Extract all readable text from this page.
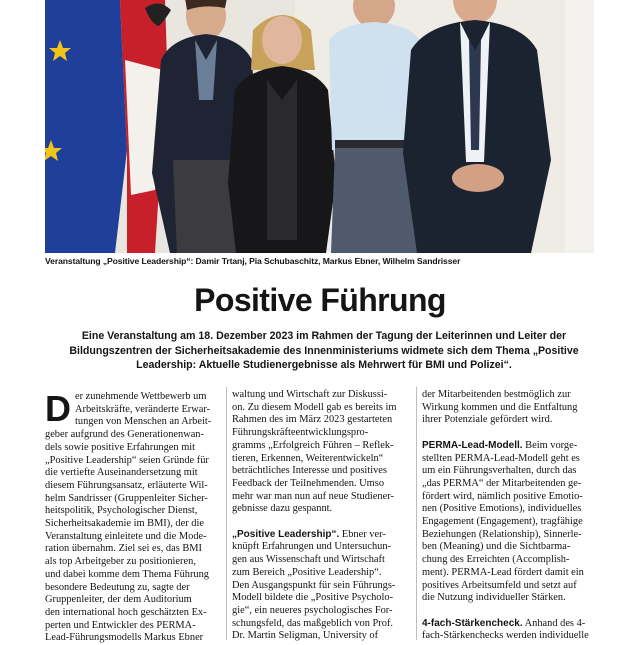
Veranstaltung „Positive Leadership“: Damir Trtanj, Pia Schubaschitz, Markus Ebner, Wilhelm Sandrisser
Positive Führung
Eine Veranstaltung am 18. Dezember 2023 im Rahmen der Tagung der Leiterinnen und Leiter der
Bildungszentren der Sicherheitsakademie des Innenministeriums widmete sich dem Thema „Positive
Leadership: Aktuelle Studienergebnisse als Mehrwert für BMI und Polizei“.
D er zunehmende Wettbewerb um
Arbeitskräfte, veränderte Erwar-
tungen von Menschen an Arbeit-
geber aufgrund des Generationenwan-
dels sowie positive Erfahrungen mit
„Positive Leadership“ seien Gründe für
die vertiefte Auseinandersetzung mit
diesem Führungsansatz, erläuterte Wil-
helm Sandrisser (Gruppenleiter Sicher-
heitspolitik, Psychologischer Dienst,
Sicherheitsakademie im BMI), der die
Veranstaltung einleitete und die Mode-
ration übernahm. Ziel sei es, das BMI
als top Arbeitgeber zu positionieren,
und dabei komme dem Thema Führung
besondere Bedeutung zu, sagte der
Gruppenleiter, der dem Auditorium
den international hoch geschätzten Ex-
perten und Entwickler des PERMA-
Lead-Führungsmodells Markus Ebner
waltung und Wirtschaft zur Diskussi-
on. Zu diesem Modell gab es bereits im
Rahmen des im März 2023 gestarteten
Führungskräfteentwicklungspro-
gramms „Erfolgreich Führen – Reflek-
tieren, Erkennen, Weiterentwickeln“
beträchtliches Interesse und positives
Feedback der Teilnehmenden. Umso
mehr war man nun auf neue Studiener-
gebnisse dazu gespannt.
„Positive Leadership“. Ebner ver-
knüpft Erfahrungen und Untersuchun-
gen aus Wissenschaft und Wirtschaft
zum Bereich „Positive Leadership“.
Den Ausgangspunkt für sein Führungs-
Modell bildete die „Positive Psycholo-
gie“, ein neueres psychologisches For-
schungsfeld, das maßgeblich von Prof.
Dr. Martin Seligman, University of
der Mitarbeitenden bestmöglich zur
Wirkung kommen und die Entfaltung
ihrer Potenziale gefördert wird.
PERMA-Lead-Modell. Beim vorge-
stellten PERMA-Lead-Modell geht es
um ein Führungsverhalten, durch das
„das PERMA“ der Mitarbeitenden ge-
fördert wird, nämlich positive Emotio-
nen (Positive Emotions), individuelles
Engagement (Engagement), tragfähige
Beziehungen (Relationship), Sinnerle-
ben (Meaning) und die Sichtbarma-
chung des Erreichten (Accomplish-
ment). PERMA-Lead fördert damit ein
positives Arbeitsumfeld und setzt auf
die Nutzung individueller Stärken.
4-fach-Stärkencheck. Anhand des 4-
fach-Stärkenchecks werden individuelle
